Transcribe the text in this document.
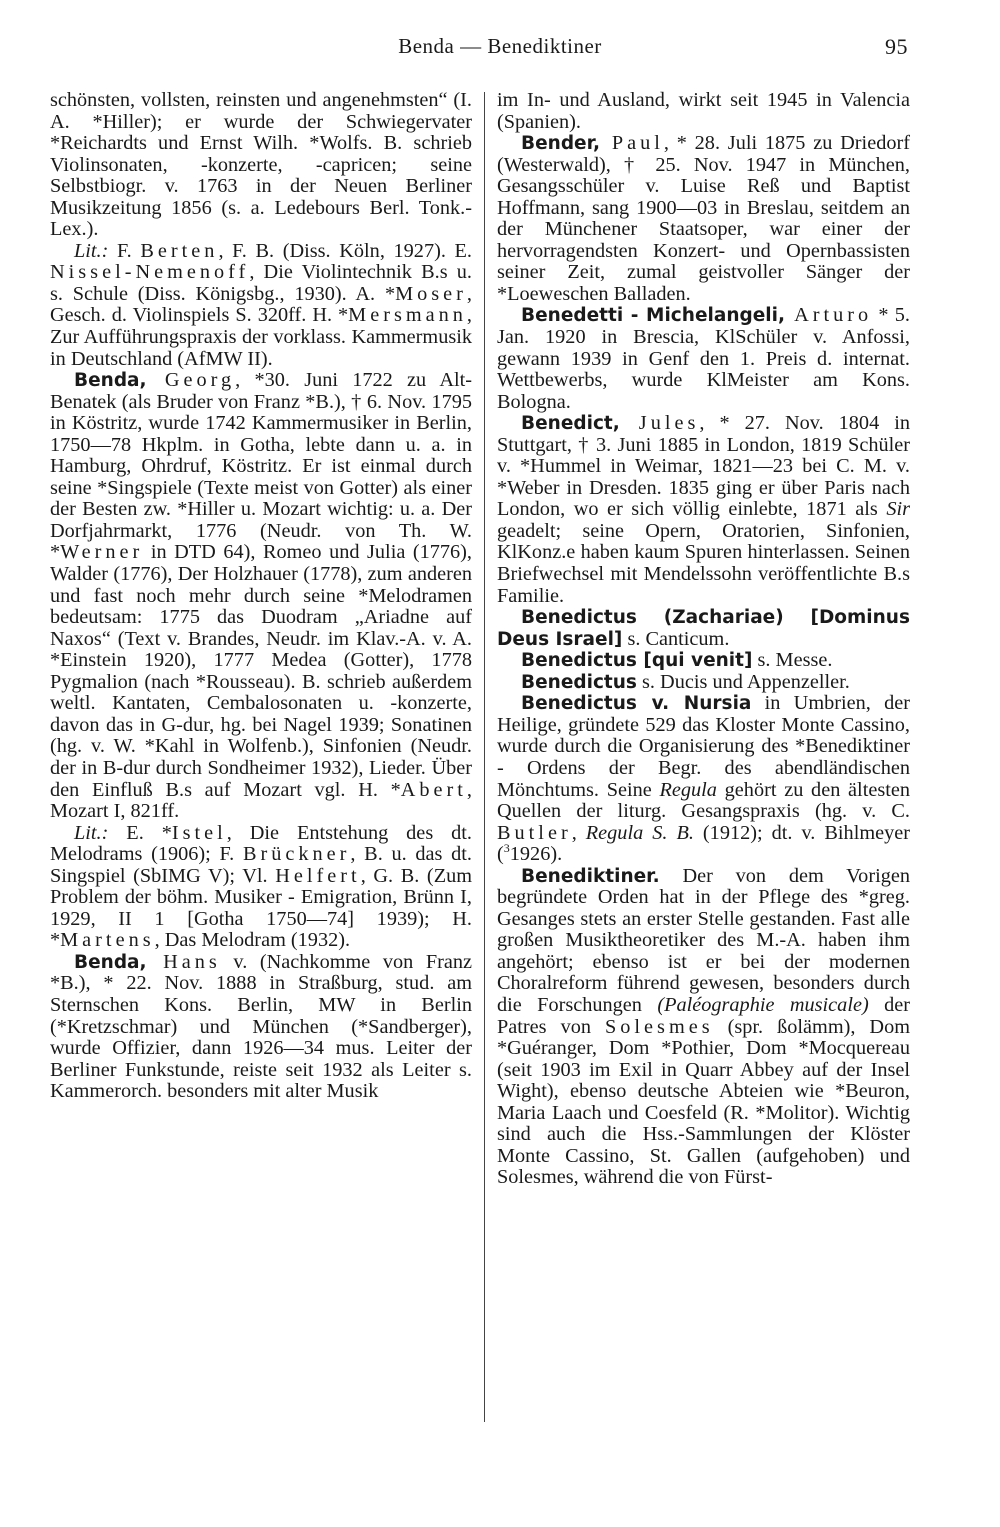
Benda — Benediktiner	95

schönsten, vollsten, reinsten und angenehmsten“ (I. A. *Hiller); er wurde der Schwiegervater *Reichardts und Ernst Wilh. *Wolfs. B. schrieb Violinsonaten, -konzerte, -capricen; seine Selbstbiogr. v. 1763 in der Neuen Berliner Musikzeitung 1856 (s. a. Ledebours Berl. Tonk.-Lex.).

Lit.: F. Berten, F. B. (Diss. Köln, 1927). E. Nissel-Nemenoff, Die Violintechnik B.s u. s. Schule (Diss. Königsbg., 1930). A. *Moser, Gesch. d. Violinspiels S. 320ff. H. *Mersmann, Zur Aufführungspraxis der vorklass. Kammermusik in Deutschland (AfMW II).

Benda, Georg, *30. Juni 1722 zu Alt-Benatek (als Bruder von Franz *B.), † 6. Nov. 1795 in Köstritz, wurde 1742 Kammermusiker in Berlin, 1750—78 Hkplm. in Gotha, lebte dann u. a. in Hamburg, Ohrdruf, Köstritz. Er ist einmal durch seine *Singspiele (Texte meist von Gotter) als einer der Besten zw. *Hiller u. Mozart wichtig: u. a. Der Dorfjahrmarkt, 1776 (Neudr. von Th. W. *Werner in DTD 64), Romeo und Julia (1776), Walder (1776), Der Holzhauer (1778), zum anderen und fast noch mehr durch seine *Melodramen bedeutsam: 1775 das Duodram „Ariadne auf Naxos“ (Text v. Brandes, Neudr. im Klav.-A. v. A. *Einstein 1920), 1777 Medea (Gotter), 1778 Pygmalion (nach *Rousseau). B. schrieb außerdem weltl. Kantaten, Cembalosonaten u. -konzerte, davon das in G-dur, hg. bei Nagel 1939; Sonatinen (hg. v. W. *Kahl in Wolfenb.), Sinfonien (Neudr. der in B-dur durch Sondheimer 1932), Lieder. Über den Einfluß B.s auf Mozart vgl. H. *Abert, Mozart I, 821ff.

Lit.: E. *Istel, Die Entstehung des dt. Melodrams (1906); F. Brückner, B. u. das dt. Singspiel (SbIMG V); Vl. Helfert, G. B. (Zum Problem der böhm. Musiker - Emigration, Brünn I, 1929, II 1 [Gotha 1750—74] 1939); H. *Martens, Das Melodram (1932).

Benda, Hans v. (Nachkomme von Franz *B.), * 22. Nov. 1888 in Straßburg, stud. am Sternschen Kons. Berlin, MW in Berlin (*Kretzschmar) und München (*Sandberger), wurde Offizier, dann 1926—34 mus. Leiter der Berliner Funkstunde, reiste seit 1932 als Leiter s. Kammerorch. besonders mit alter Musik

im In- und Ausland, wirkt seit 1945 in Valencia (Spanien).

Bender, Paul, * 28. Juli 1875 zu Driedorf (Westerwald), † 25. Nov. 1947 in München, Gesangsschüler v. Luise Reß und Baptist Hoffmann, sang 1900—03 in Breslau, seitdem an der Münchener Staatsoper, war einer der hervorragendsten Konzert- und Opernbassisten seiner Zeit, zumal geistvoller Sänger der *Loeweschen Balladen.

Benedetti - Michelangeli, Arturo * 5. Jan. 1920 in Brescia, KlSchüler v. Anfossi, gewann 1939 in Genf den 1. Preis d. internat. Wettbewerbs, wurde KlMeister am Kons. Bologna.

Benedict, Jules, * 27. Nov. 1804 in Stuttgart, † 3. Juni 1885 in London, 1819 Schüler v. *Hummel in Weimar, 1821—23 bei C. M. v. *Weber in Dresden. 1835 ging er über Paris nach London, wo er sich völlig einlebte, 1871 als Sir geadelt; seine Opern, Oratorien, Sinfonien, KlKonz.e haben kaum Spuren hinterlassen. Seinen Briefwechsel mit Mendelssohn veröffentlichte B.s Familie.

Benedictus (Zachariae) [Dominus Deus Israel] s. Canticum.

Benedictus [qui venit] s. Messe.

Benedictus s. Ducis und Appenzeller.

Benedictus v. Nursia in Umbrien, der Heilige, gründete 529 das Kloster Monte Cassino, wurde durch die Organisierung des *Benediktiner - Ordens der Begr. des abendländischen Mönchtums. Seine Regula gehört zu den ältesten Quellen der liturg. Gesangspraxis (hg. v. C. Butler, Regula S. B. (1912); dt. v. Bihlmeyer ($^3$1926).

Benediktiner. Der von dem Vorigen begründete Orden hat in der Pflege des *greg. Gesanges stets an erster Stelle gestanden. Fast alle großen Musiktheoretiker des M.-A. haben ihm angehört; ebenso ist er bei der modernen Choralreform führend gewesen, besonders durch die Forschungen (Paléographie musicale) der Patres von Solesmes (spr. ßolämm), Dom *Guéranger, Dom *Pothier, Dom *Mocquereau (seit 1903 im Exil in Quarr Abbey auf der Insel Wight), ebenso deutsche Abteien wie *Beuron, Maria Laach und Coesfeld (R. *Molitor). Wichtig sind auch die Hss.-Sammlungen der Klöster Monte Cassino, St. Gallen (aufgehoben) und Solesmes, während die von Fürst-
